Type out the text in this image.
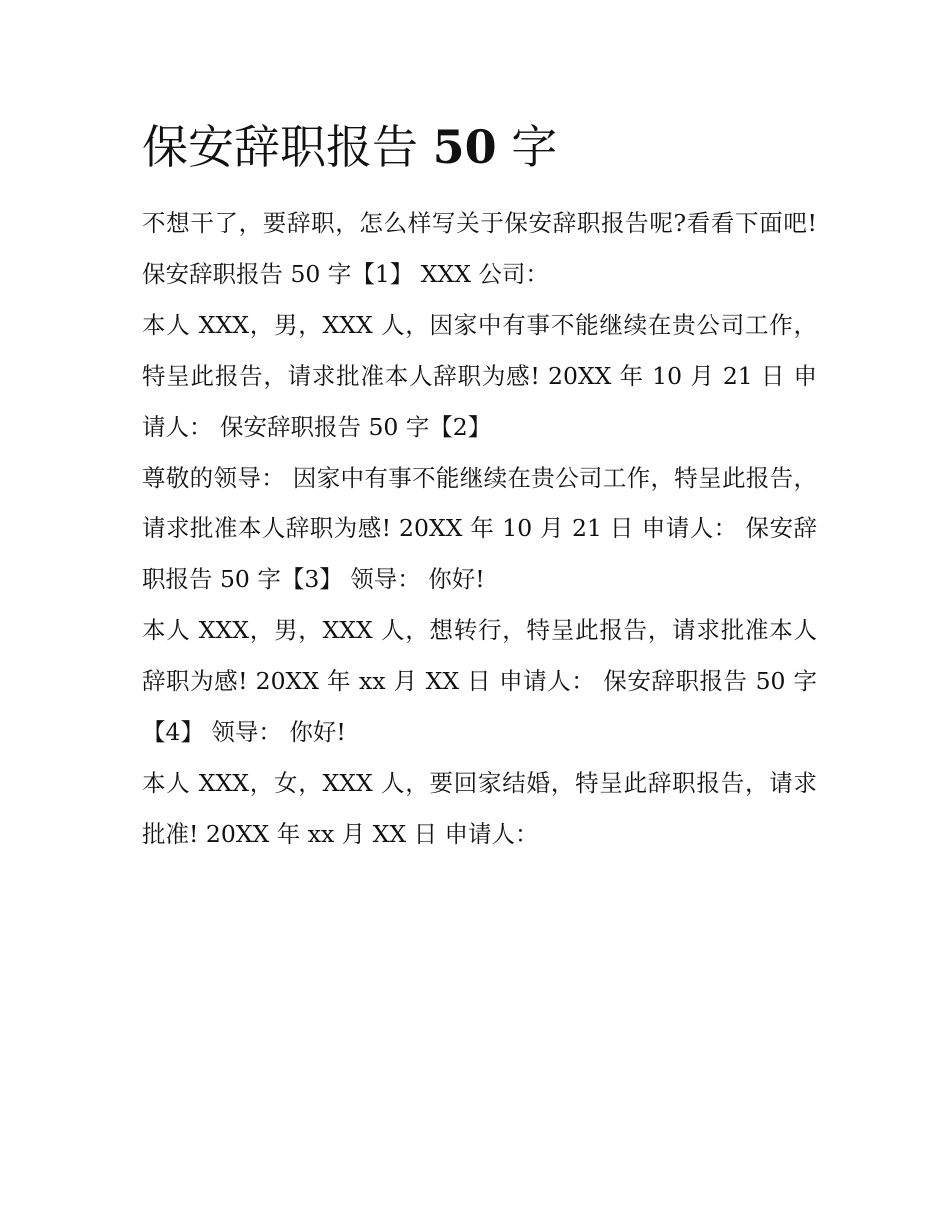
保安辞职报告 50 字

不想干了，要辞职，怎么样写关于保安辞职报告呢?看看下面吧! 保安辞职报告 50 字【1】 XXX 公司：

本人 XXX，男，XXX 人，因家中有事不能继续在贵公司工作，特呈此报告，请求批准本人辞职为感! 20XX 年 10 月 21 日 申请人： 保安辞职报告 50 字【2】

尊敬的领导： 因家中有事不能继续在贵公司工作，特呈此报告，请求批准本人辞职为感! 20XX 年 10 月 21 日 申请人： 保安辞职报告 50 字【3】 领导： 你好!

本人 XXX，男，XXX 人，想转行，特呈此报告，请求批准本人辞职为感! 20XX 年 xx 月 XX 日 申请人： 保安辞职报告 50 字【4】 领导： 你好!

本人 XXX，女，XXX 人，要回家结婚，特呈此辞职报告，请求批准! 20XX 年 xx 月 XX 日 申请人：
